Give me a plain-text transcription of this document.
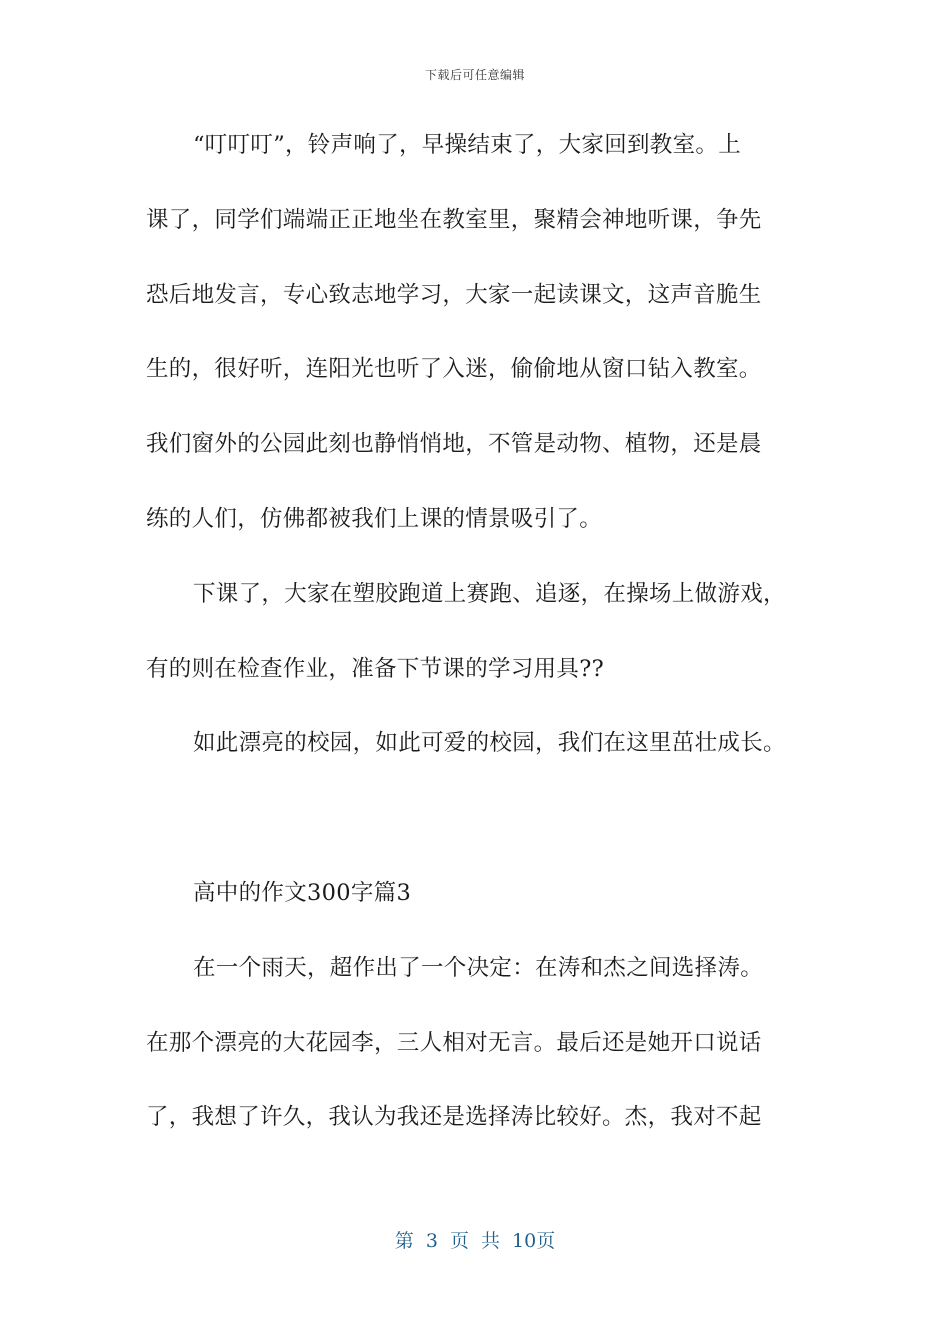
下载后可任意编辑
“叮叮叮”，铃声响了，早操结束了，大家回到教室。上
课了，同学们端端正正地坐在教室里，聚精会神地听课，争先
恐后地发言，专心致志地学习，大家一起读课文，这声音脆生
生的，很好听，连阳光也听了入迷，偷偷地从窗口钻入教室。
我们窗外的公园此刻也静悄悄地，不管是动物、植物，还是晨
练的人们，仿佛都被我们上课的情景吸引了。
下课了，大家在塑胶跑道上赛跑、追逐，在操场上做游戏，
有的则在检查作业，准备下节课的学习用具??
如此漂亮的校园，如此可爱的校园，我们在这里茁壮成长。
高中的作文300字篇3
在一个雨天，超作出了一个决定：在涛和杰之间选择涛。
在那个漂亮的大花园李，三人相对无言。最后还是她开口说话
了，我想了许久，我认为我还是选择涛比较好。杰，我对不起
第 3 页 共 10页
